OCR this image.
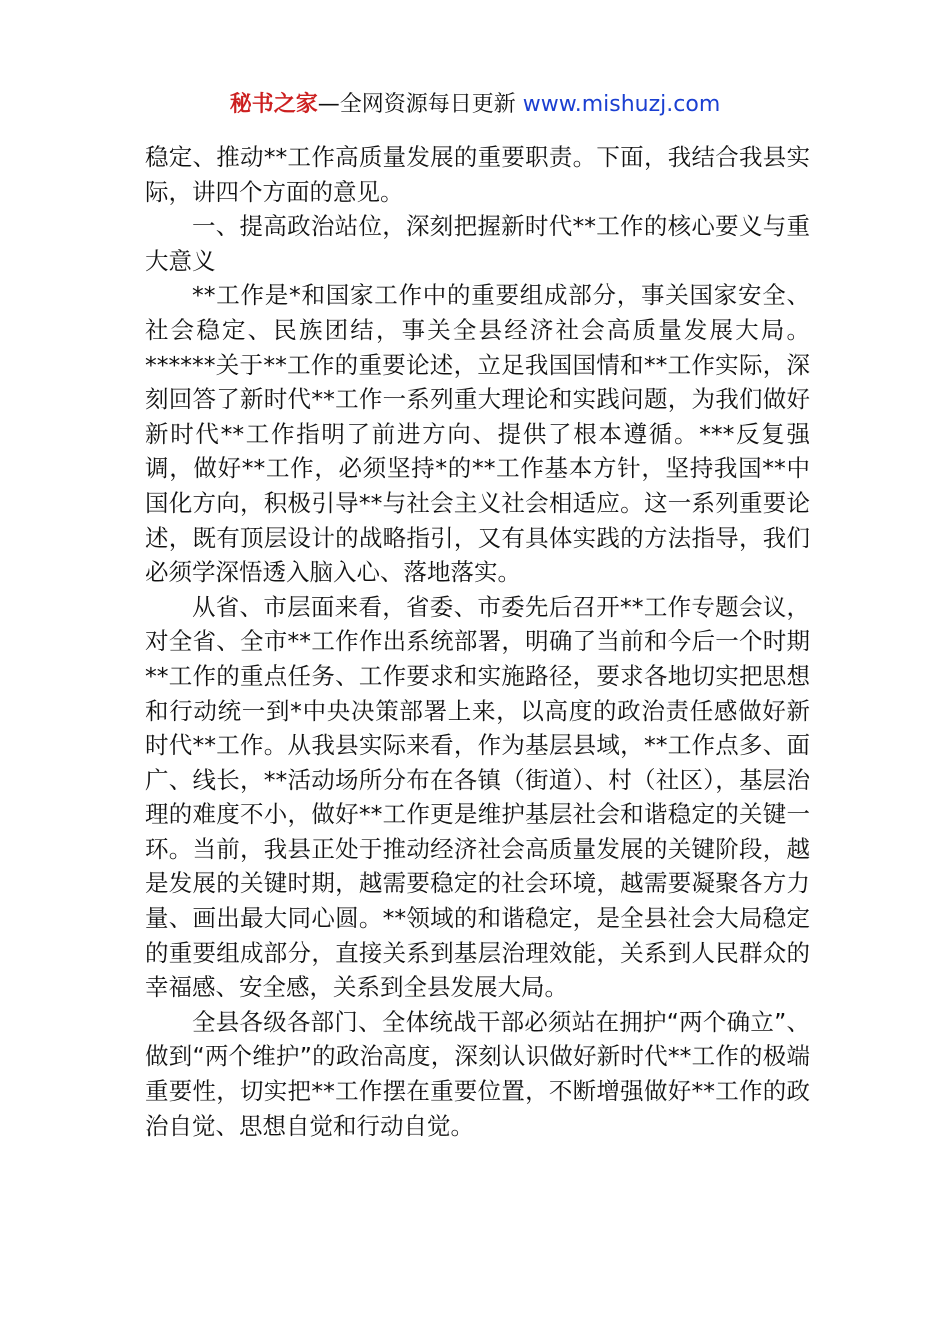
秘书之家—全网资源每日更新 www.mishuzj.com

稳定、推动**工作高质量发展的重要职责。下面，我结合我县实际，讲四个方面的意见。

一、提高政治站位，深刻把握新时代**工作的核心要义与重大意义

**工作是*和国家工作中的重要组成部分，事关国家安全、社会稳定、民族团结，事关全县经济社会高质量发展大局。******关于**工作的重要论述，立足我国国情和**工作实际，深刻回答了新时代**工作一系列重大理论和实践问题，为我们做好新时代**工作指明了前进方向、提供了根本遵循。***反复强调，做好**工作，必须坚持*的**工作基本方针，坚持我国**中国化方向，积极引导**与社会主义社会相适应。这一系列重要论述，既有顶层设计的战略指引，又有具体实践的方法指导，我们必须学深悟透入脑入心、落地落实。

从省、市层面来看，省委、市委先后召开**工作专题会议，对全省、全市**工作作出系统部署，明确了当前和今后一个时期**工作的重点任务、工作要求和实施路径，要求各地切实把思想和行动统一到*中央决策部署上来，以高度的政治责任感做好新时代**工作。从我县实际来看，作为基层县域，**工作点多、面广、线长，**活动场所分布在各镇（街道）、村（社区），基层治理的难度不小，做好**工作更是维护基层社会和谐稳定的关键一环。当前，我县正处于推动经济社会高质量发展的关键阶段，越是发展的关键时期，越需要稳定的社会环境，越需要凝聚各方力量、画出最大同心圆。**领域的和谐稳定，是全县社会大局稳定的重要组成部分，直接关系到基层治理效能，关系到人民群众的幸福感、安全感，关系到全县发展大局。

全县各级各部门、全体统战干部必须站在拥护“两个确立”、做到“两个维护”的政治高度，深刻认识做好新时代**工作的极端重要性，切实把**工作摆在重要位置，不断增强做好**工作的政治自觉、思想自觉和行动自觉。
